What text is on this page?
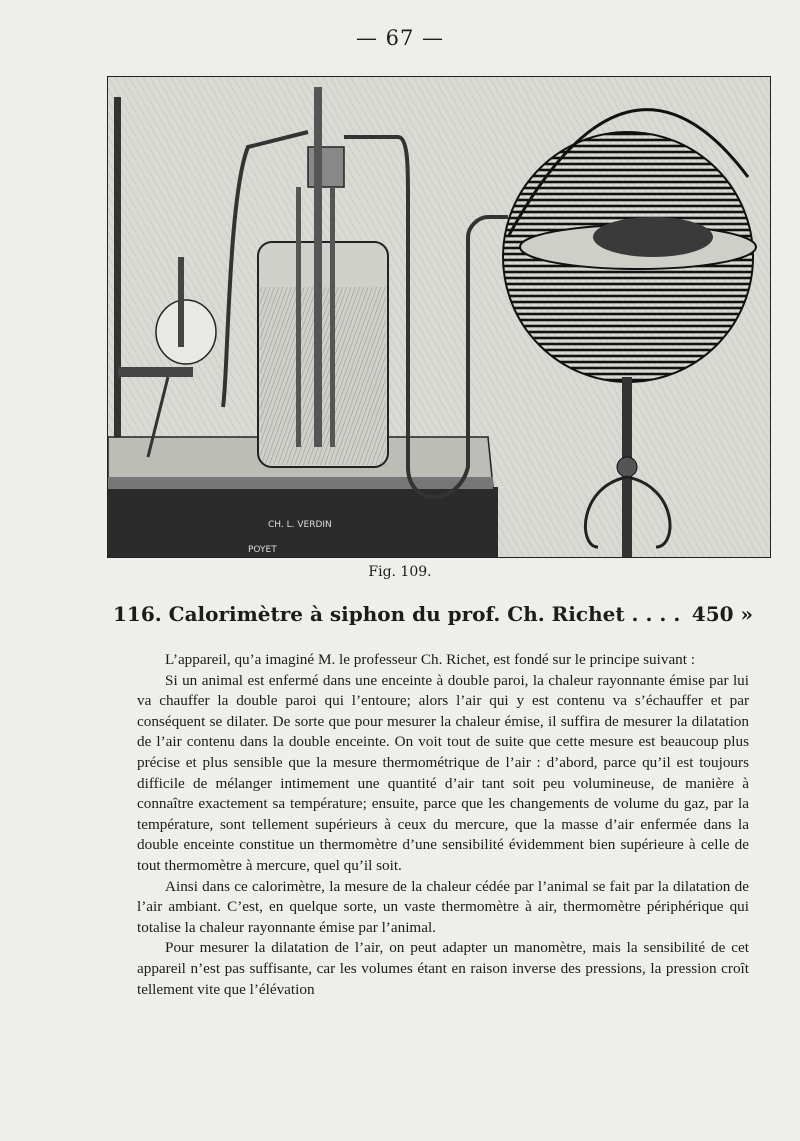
— 67 —
CH. L. VERDIN
POYET
Fig. 109.
116. Calorimètre à siphon du prof. Ch. Richet . . . . 450 »

L’appareil, qu’a imaginé M. le professeur Ch. Richet, est fondé sur le principe suivant :

Si un animal est enfermé dans une enceinte à double paroi, la chaleur rayonnante émise par lui va chauffer la double paroi qui l’entoure; alors l’air qui y est contenu va s’échauffer et par conséquent se dilater. De sorte que pour mesurer la chaleur émise, il suffira de mesurer la dilatation de l’air contenu dans la double enceinte. On voit tout de suite que cette mesure est beaucoup plus précise et plus sensible que la mesure thermométrique de l’air : d’abord, parce qu’il est toujours difficile de mélanger intimement une quantité d’air tant soit peu volumineuse, de manière à connaître exactement sa température; ensuite, parce que les changements de volume du gaz, par la température, sont tellement supérieurs à ceux du mercure, que la masse d’air enfermée dans la double enceinte constitue un thermomètre d’une sensibilité évidemment bien supérieure à celle de tout thermomètre à mercure, quel qu’il soit.

Ainsi dans ce calorimètre, la mesure de la chaleur cédée par l’animal se fait par la dilatation de l’air ambiant. C’est, en quelque sorte, un vaste thermomètre à air, thermomètre périphérique qui totalise la chaleur rayonnante émise par l’animal.

Pour mesurer la dilatation de l’air, on peut adapter un manomètre, mais la sensibilité de cet appareil n’est pas suffisante, car les volumes étant en raison inverse des pressions, la pression croît tellement vite que l’élévation
